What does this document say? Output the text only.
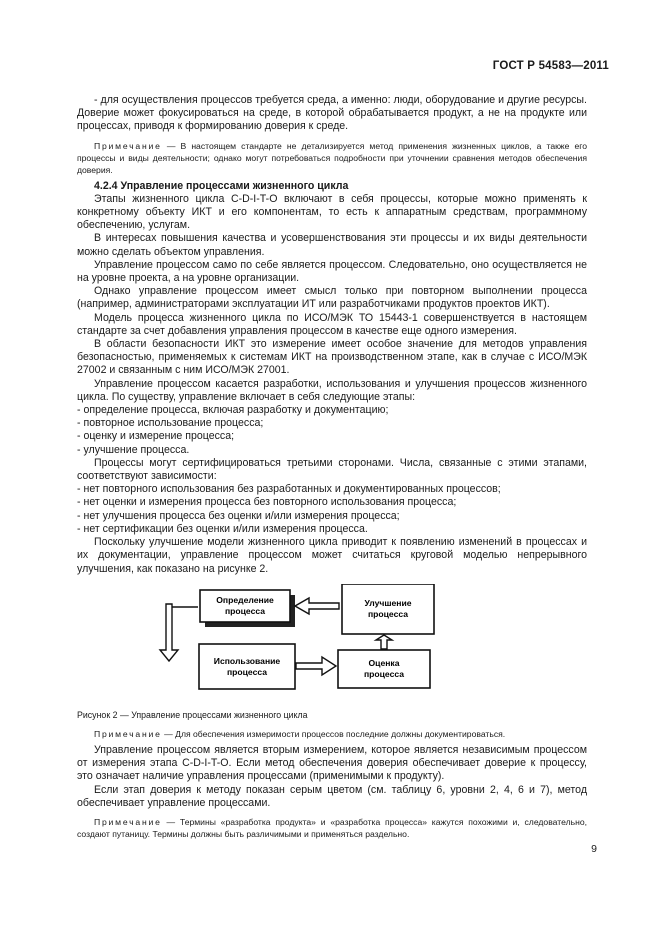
ГОСТ Р 54583—2011

- для осуществления процессов требуется среда, а именно: люди, оборудование и другие ресурсы. Доверие может фокусироваться на среде, в которой обрабатывается продукт, а не на продукте или процессах, приводя к формированию доверия к среде.

Примечание — В настоящем стандарте не детализируется метод применения жизненных циклов, а также его процессы и виды деятельности; однако могут потребоваться подробности при уточнении сравнения методов обеспечения доверия.

4.2.4 Управление процессами жизненного цикла

Этапы жизненного цикла C-D-I-T-O включают в себя процессы, которые можно применять к конкретному объекту ИКТ и его компонентам, то есть к аппаратным средствам, программному обеспечению, услугам.

В интересах повышения качества и усовершенствования эти процессы и их виды деятельности можно сделать объектом управления.

Управление процессом само по себе является процессом. Следовательно, оно осуществляется не на уровне проекта, а на уровне организации.

Однако управление процессом имеет смысл только при повторном выполнении процесса (например, администраторами эксплуатации ИТ или разработчиками продуктов проектов ИКТ).

Модель процесса жизненного цикла по ИСО/МЭК ТО 15443-1 совершенствуется в настоящем стандарте за счет добавления управления процессом в качестве еще одного измерения.

В области безопасности ИКТ это измерение имеет особое значение для методов управления безопасностью, применяемых к системам ИКТ на производственном этапе, как в случае с ИСО/МЭК 27002 и связанным с ним ИСО/МЭК 27001.

Управление процессом касается разработки, использования и улучшения процессов жизненного цикла. По существу, управление включает в себя следующие этапы:

- определение процесса, включая разработку и документацию;

- повторное использование процесса;

- оценку и измерение процесса;

- улучшение процесса.

Процессы могут сертифицироваться третьими сторонами. Числа, связанные с этими этапами, соответствуют зависимости:

- нет повторного использования без разработанных и документированных процессов;

- нет оценки и измерения процесса без повторного использования процесса;

- нет улучшения процесса без оценки и/или измерения процесса;

- нет сертификации без оценки и/или измерения процесса.

Поскольку улучшение модели жизненного цикла приводит к появлению изменений в процессах и их документации, управление процессом может считаться круговой моделью непрерывного улучшения, как показано на рисунке 2.

Определение
процесса
Улучшение
процесса
Использование
процесса
Оценка
процесса

Рисунок 2 — Управление процессами жизненного цикла

Примечание — Для обеспечения измеримости процессов последние должны документироваться.

Управление процессом является вторым измерением, которое является независимым процессом от измерения этапа C-D-I-T-O. Если метод обеспечения доверия обеспечивает доверие к процессу, это означает наличие управления процессами (применимыми к продукту).

Если этап доверия к методу показан серым цветом (см. таблицу 6, уровни 2, 4, 6 и 7), метод обеспечивает управление процессами.

Примечание — Термины «разработка продукта» и «разработка процесса» кажутся похожими и, следовательно, создают путаницу. Термины должны быть различимыми и применяться раздельно.

9
